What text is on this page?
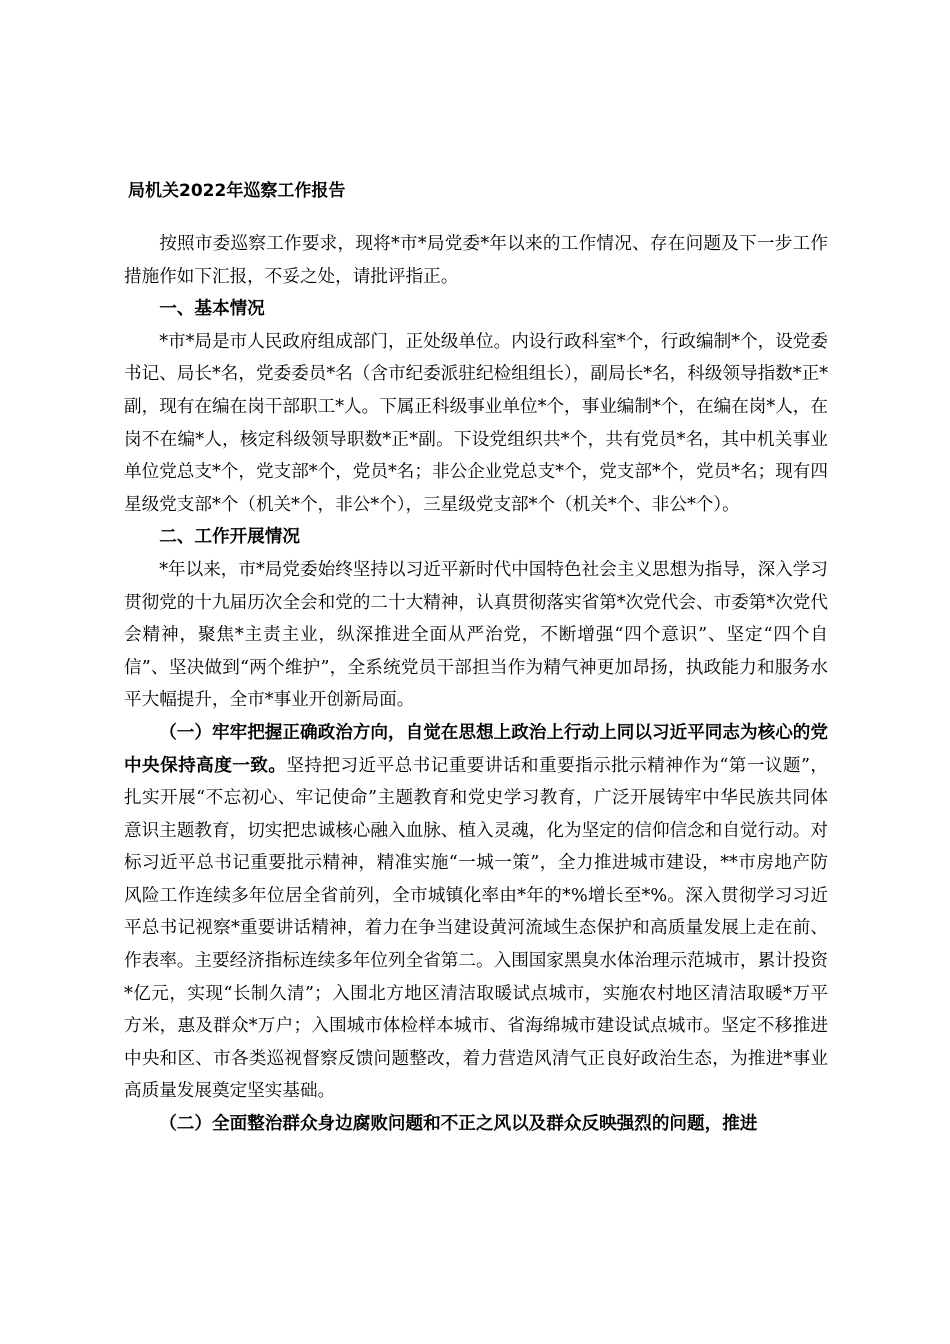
局机关2022年巡察工作报告

按照市委巡察工作要求，现将*市*局党委*年以来的工作情况、存在问题及下一步工作措施作如下汇报，不妥之处，请批评指正。

一、基本情况

*市*局是市人民政府组成部门，正处级单位。内设行政科室*个，行政编制*个，设党委书记、局长*名，党委委员*名（含市纪委派驻纪检组组长），副局长*名，科级领导指数*正*副，现有在编在岗干部职工*人。下属正科级事业单位*个，事业编制*个，在编在岗*人，在岗不在编*人，核定科级领导职数*正*副。下设党组织共*个，共有党员*名，其中机关事业单位党总支*个，党支部*个，党员*名；非公企业党总支*个，党支部*个，党员*名；现有四星级党支部*个（机关*个，非公*个），三星级党支部*个（机关*个、非公*个）。

二、工作开展情况

*年以来，市*局党委始终坚持以习近平新时代中国特色社会主义思想为指导，深入学习贯彻党的十九届历次全会和党的二十大精神，认真贯彻落实省第*次党代会、市委第*次党代会精神，聚焦*主责主业，纵深推进全面从严治党，不断增强“四个意识”、坚定“四个自信”、坚决做到“两个维护”，全系统党员干部担当作为精气神更加昂扬，执政能力和服务水平大幅提升，全市*事业开创新局面。

（一）牢牢把握正确政治方向，自觉在思想上政治上行动上同以习近平同志为核心的党中央保持高度一致。坚持把习近平总书记重要讲话和重要指示批示精神作为“第一议题”，扎实开展“不忘初心、牢记使命”主题教育和党史学习教育，广泛开展铸牢中华民族共同体意识主题教育，切实把忠诚核心融入血脉、植入灵魂，化为坚定的信仰信念和自觉行动。对标习近平总书记重要批示精神，精准实施“一城一策”，全力推进城市建设，**市房地产防风险工作连续多年位居全省前列，全市城镇化率由*年的*%增长至*%。深入贯彻学习习近平总书记视察*重要讲话精神，着力在争当建设黄河流域生态保护和高质量发展上走在前、作表率。主要经济指标连续多年位列全省第二。入围国家黑臭水体治理示范城市，累计投资*亿元，实现“长制久清”；入围北方地区清洁取暖试点城市，实施农村地区清洁取暖*万平方米，惠及群众*万户；入围城市体检样本城市、省海绵城市建设试点城市。坚定不移推进中央和区、市各类巡视督察反馈问题整改，着力营造风清气正良好政治生态，为推进*事业高质量发展奠定坚实基础。

（二）全面整治群众身边腐败问题和不正之风以及群众反映强烈的问题，推进
